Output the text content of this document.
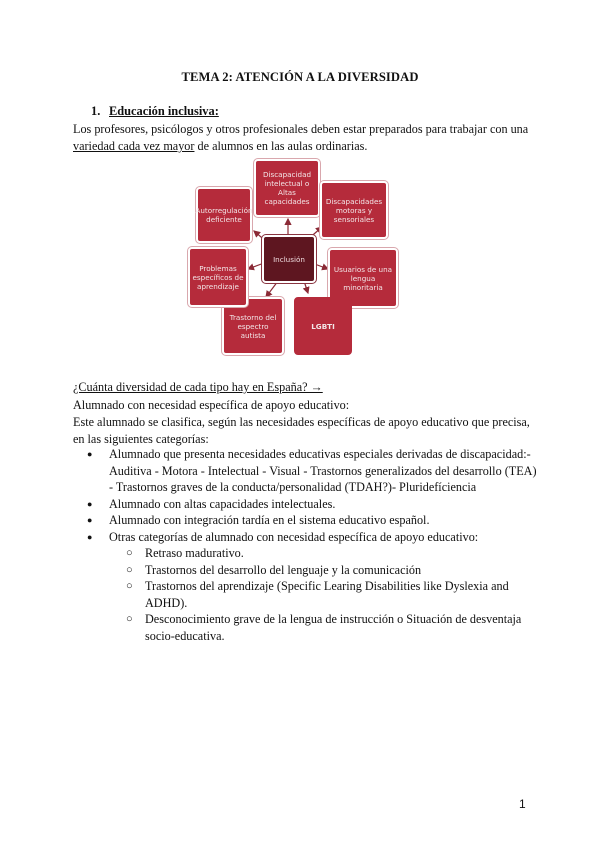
TEMA 2: ATENCIÓN A LA DIVERSIDAD
1. Educación inclusiva:
Los profesores, psicólogos y otros profesionales deben estar preparados para trabajar con una variedad cada vez mayor de alumnos en las aulas ordinarias.
Inclusión
Discapacidad intelectual o Altas capacidades	Discapacidades motoras y sensoriales
Usuarios de una lengua minoritaria
LGBTI
Trastorno del espectro autista
Problemas específicos de aprendizaje
Autorregulación deficiente
¿Cuánta diversidad de cada tipo hay en España? →
Alumnado con necesidad específica de apoyo educativo:
Este alumnado se clasifica, según las necesidades específicas de apoyo educativo que precisa, en las siguientes categorías:
● Alumnado que presenta necesidades educativas especiales derivadas de discapacidad:- Auditiva - Motora - Intelectual - Visual - Trastornos generalizados del desarrollo (TEA) - Trastornos graves de la conducta/personalidad (TDAH?)- Pluridefíciencia
● Alumnado con altas capacidades intelectuales.
● Alumnado con integración tardía en el sistema educativo español.
● Otras categorías de alumnado con necesidad específica de apoyo educativo:
○ Retraso madurativo.
○ Trastornos del desarrollo del lenguaje y la comunicación
○ Trastornos del aprendizaje (Specific Learing Disabilities like Dyslexia and ADHD).
○ Desconocimiento grave de la lengua de instrucción o Situación de desventaja socio-educativa.
1
